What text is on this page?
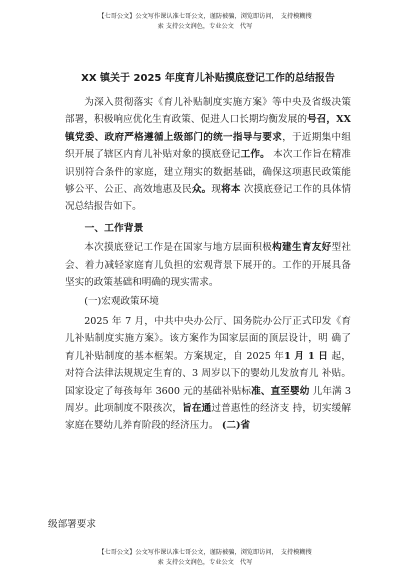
【七哥公文】公文写作课认准七哥公文，谨防被骗，浏览即访问，　支持模糊搜
索 支持公文润色，专业公文　代写
XX 镇关于 2025 年度育儿补贴摸底登记工作的总结报告

为深入贯彻落实《育儿补贴制度实施方案》等中央及省级决策部署，积极响应优化生育政策、促进人口长期均衡发展的号召，XX 镇党委、政府严格遵循上级部门的统一指导与要求，于近期集中组织开展了辖区内育儿补贴对象的摸底登记工作。 本次工作旨在精准识别符合条件的家庭，建立翔实的数据基础，确保这项惠民政策能够公平、公正、高效地惠及民众。现将本 次摸底登记工作的具体情况总结报告如下。

一、工作背景

本次摸底登记工作是在国家与地方层面积极构建生育友好型社会、着力减轻家庭育儿负担的宏观背景下展开的。工作的开展具备坚实的政策基础和明确的现实需求。

(一)宏观政策环境

2025 年 7 月，中共中央办公厅、国务院办公厅正式印发《育 儿补贴制度实施方案》。该方案作为国家层面的顶层设计，明 确了育儿补贴制度的基本框架。方案规定，自 2025 年1 月 1 日 起，对符合法律法规规定生育的、3 周岁以下的婴幼儿发放育儿 补贴。国家设定了每孩每年 3600 元的基础补贴标准、直至婴幼 儿年满 3 周岁。此项制度不限孩次，旨在通过普惠性的经济支 持，切实缓解家庭在婴幼儿养育阶段的经济压力。 (二)省

级部署要求
【七哥公文】公文写作课认准七哥公文，谨防被骗，浏览即访问，　支持模糊搜
索 支持公文润色，专业公文　代写
